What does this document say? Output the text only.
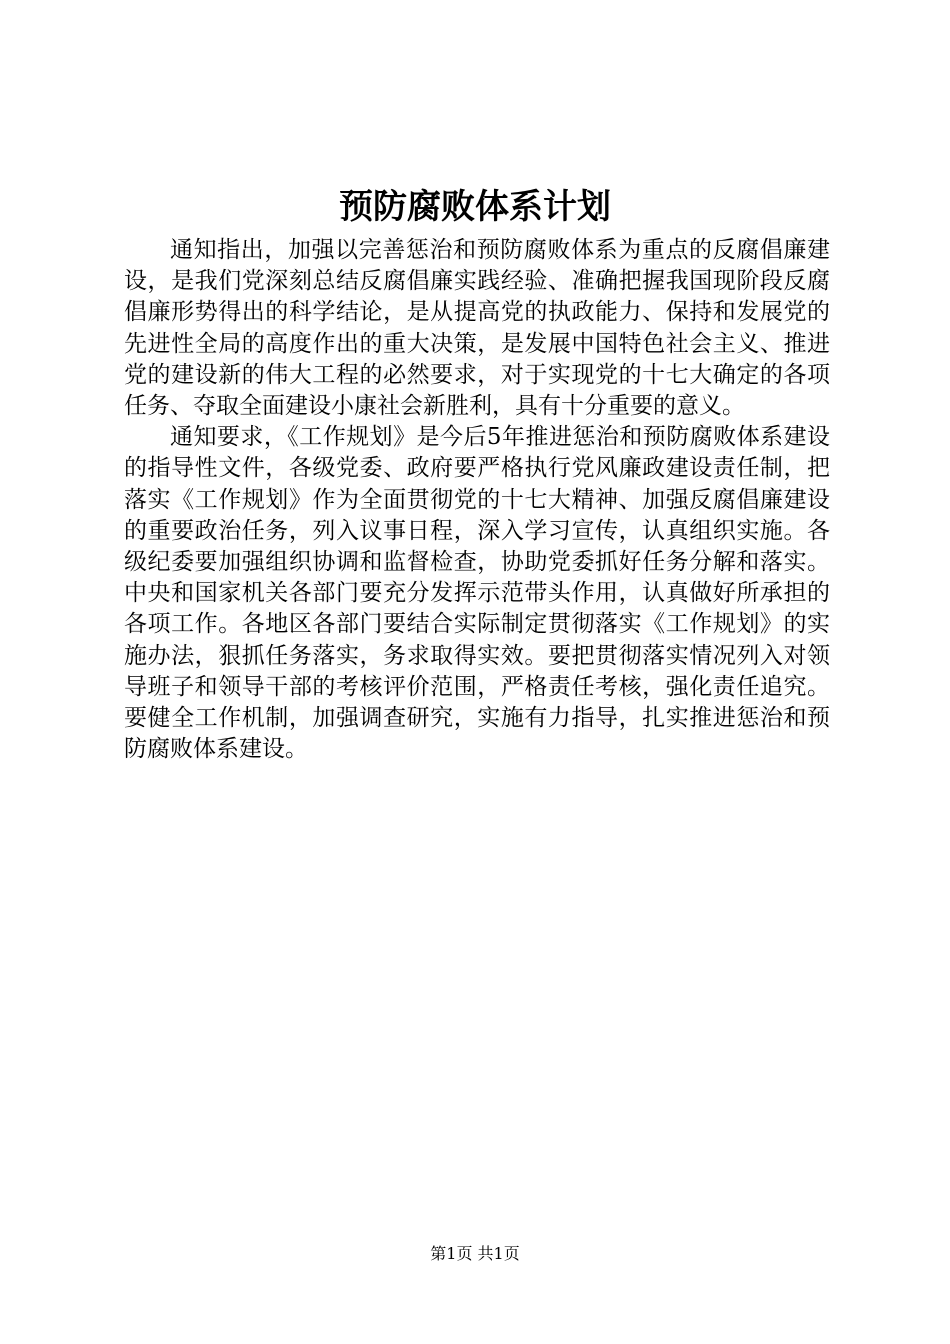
预防腐败体系计划

通知指出，加强以完善惩治和预防腐败体系为重点的反腐倡廉建设，是我们党深刻总结反腐倡廉实践经验、准确把握我国现阶段反腐倡廉形势得出的科学结论，是从提高党的执政能力、保持和发展党的先进性全局的高度作出的重大决策，是发展中国特色社会主义、推进党的建设新的伟大工程的必然要求，对于实现党的十七大确定的各项任务、夺取全面建设小康社会新胜利，具有十分重要的意义。

通知要求，《工作规划》是今后5年推进惩治和预防腐败体系建设的指导性文件，各级党委、政府要严格执行党风廉政建设责任制，把落实《工作规划》作为全面贯彻党的十七大精神、加强反腐倡廉建设的重要政治任务，列入议事日程，深入学习宣传，认真组织实施。各级纪委要加强组织协调和监督检查，协助党委抓好任务分解和落实。中央和国家机关各部门要充分发挥示范带头作用，认真做好所承担的各项工作。各地区各部门要结合实际制定贯彻落实《工作规划》的实施办法，狠抓任务落实，务求取得实效。要把贯彻落实情况列入对领导班子和领导干部的考核评价范围，严格责任考核，强化责任追究。要健全工作机制，加强调查研究，实施有力指导，扎实推进惩治和预防腐败体系建设。

第1页 共1页
